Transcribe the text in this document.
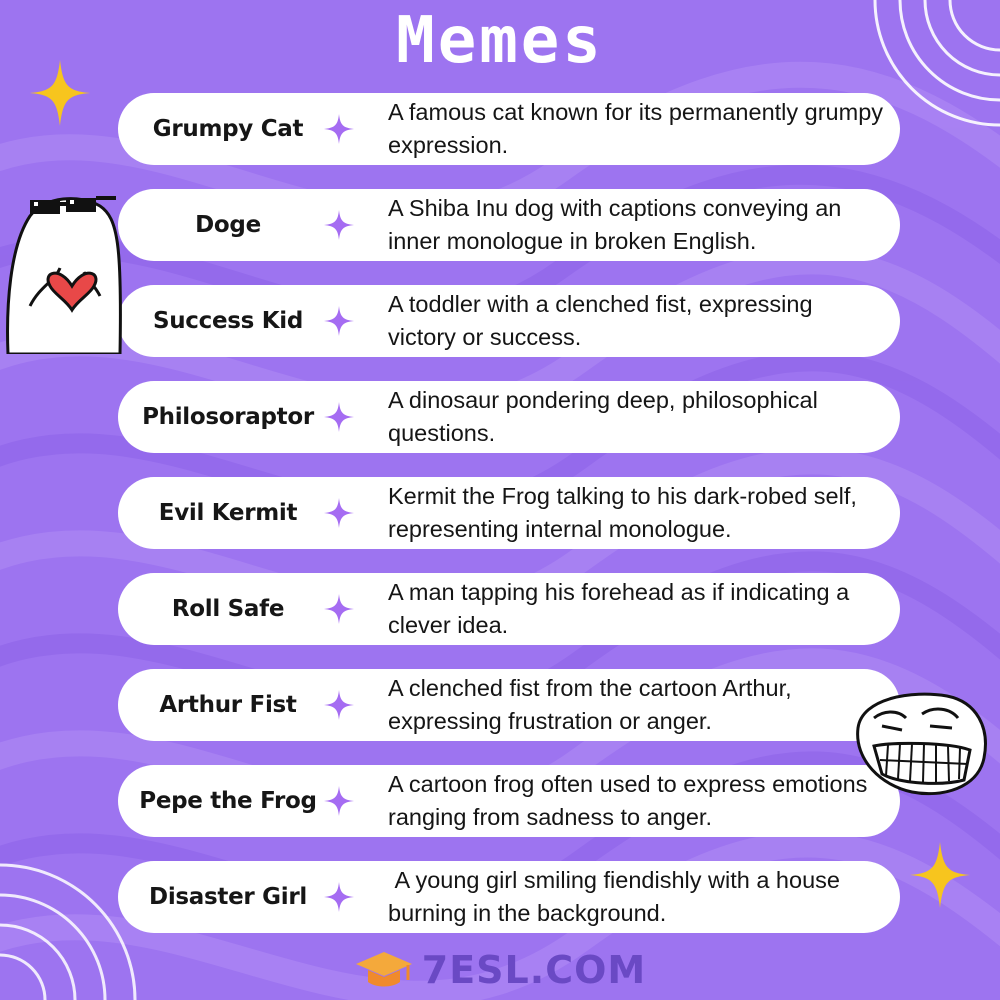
Memes
Grumpy Cat
A famous cat known for its permanently grumpy expression.
Doge
A Shiba Inu dog with captions conveying an inner monologue in broken English.
Success Kid
A toddler with a clenched fist, expressing victory or success.
Philosoraptor
A dinosaur pondering deep, philosophical questions.
Evil Kermit
Kermit the Frog talking to his dark-robed self, representing internal monologue.
Roll Safe
A man tapping his forehead as if indicating a clever idea.
Arthur Fist
A clenched fist from the cartoon Arthur, expressing frustration or anger.
Pepe the Frog
A cartoon frog often used to express emotions ranging from sadness to anger.
Disaster Girl
A young girl smiling fiendishly with a house burning in the background.
7ESL.COM
